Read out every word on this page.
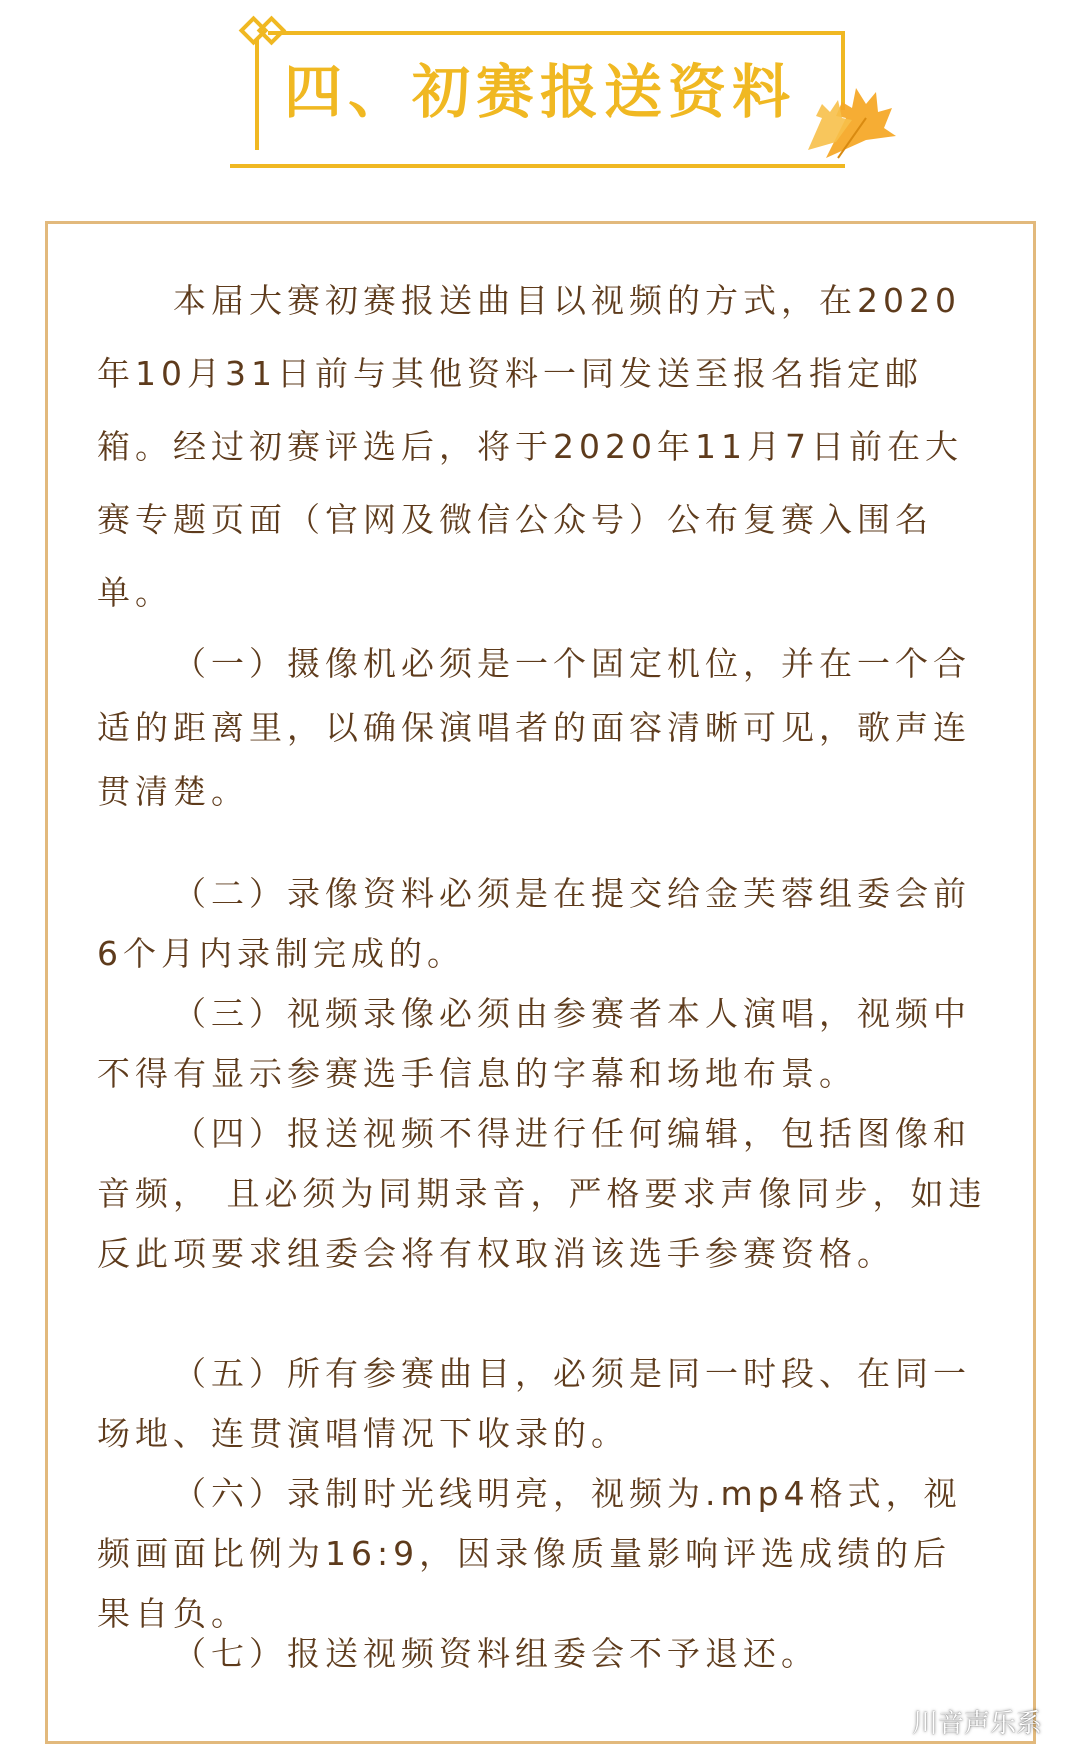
四、初赛报送资料

本届大赛初赛报送曲目以视频的方式，在2020年10月31日前与其他资料一同发送至报名指定邮箱。经过初赛评选后，将于2020年11月7日前在大赛专题页面（官网及微信公众号）公布复赛入围名单。

（一）摄像机必须是一个固定机位，并在一个合适的距离里，以确保演唱者的面容清晰可见，歌声连贯清楚。

（二）录像资料必须是在提交给金芙蓉组委会前6个月内录制完成的。

（三）视频录像必须由参赛者本人演唱，视频中不得有显示参赛选手信息的字幕和场地布景。

（四）报送视频不得进行任何编辑，包括图像和音频， 且必须为同期录音，严格要求声像同步，如违反此项要求组委会将有权取消该选手参赛资格。

（五）所有参赛曲目，必须是同一时段、在同一场地、连贯演唱情况下收录的。

（六）录制时光线明亮，视频为.mp4格式，视频画面比例为16:9，因录像质量影响评选成绩的后果自负。

（七）报送视频资料组委会不予退还。

川音声乐系
